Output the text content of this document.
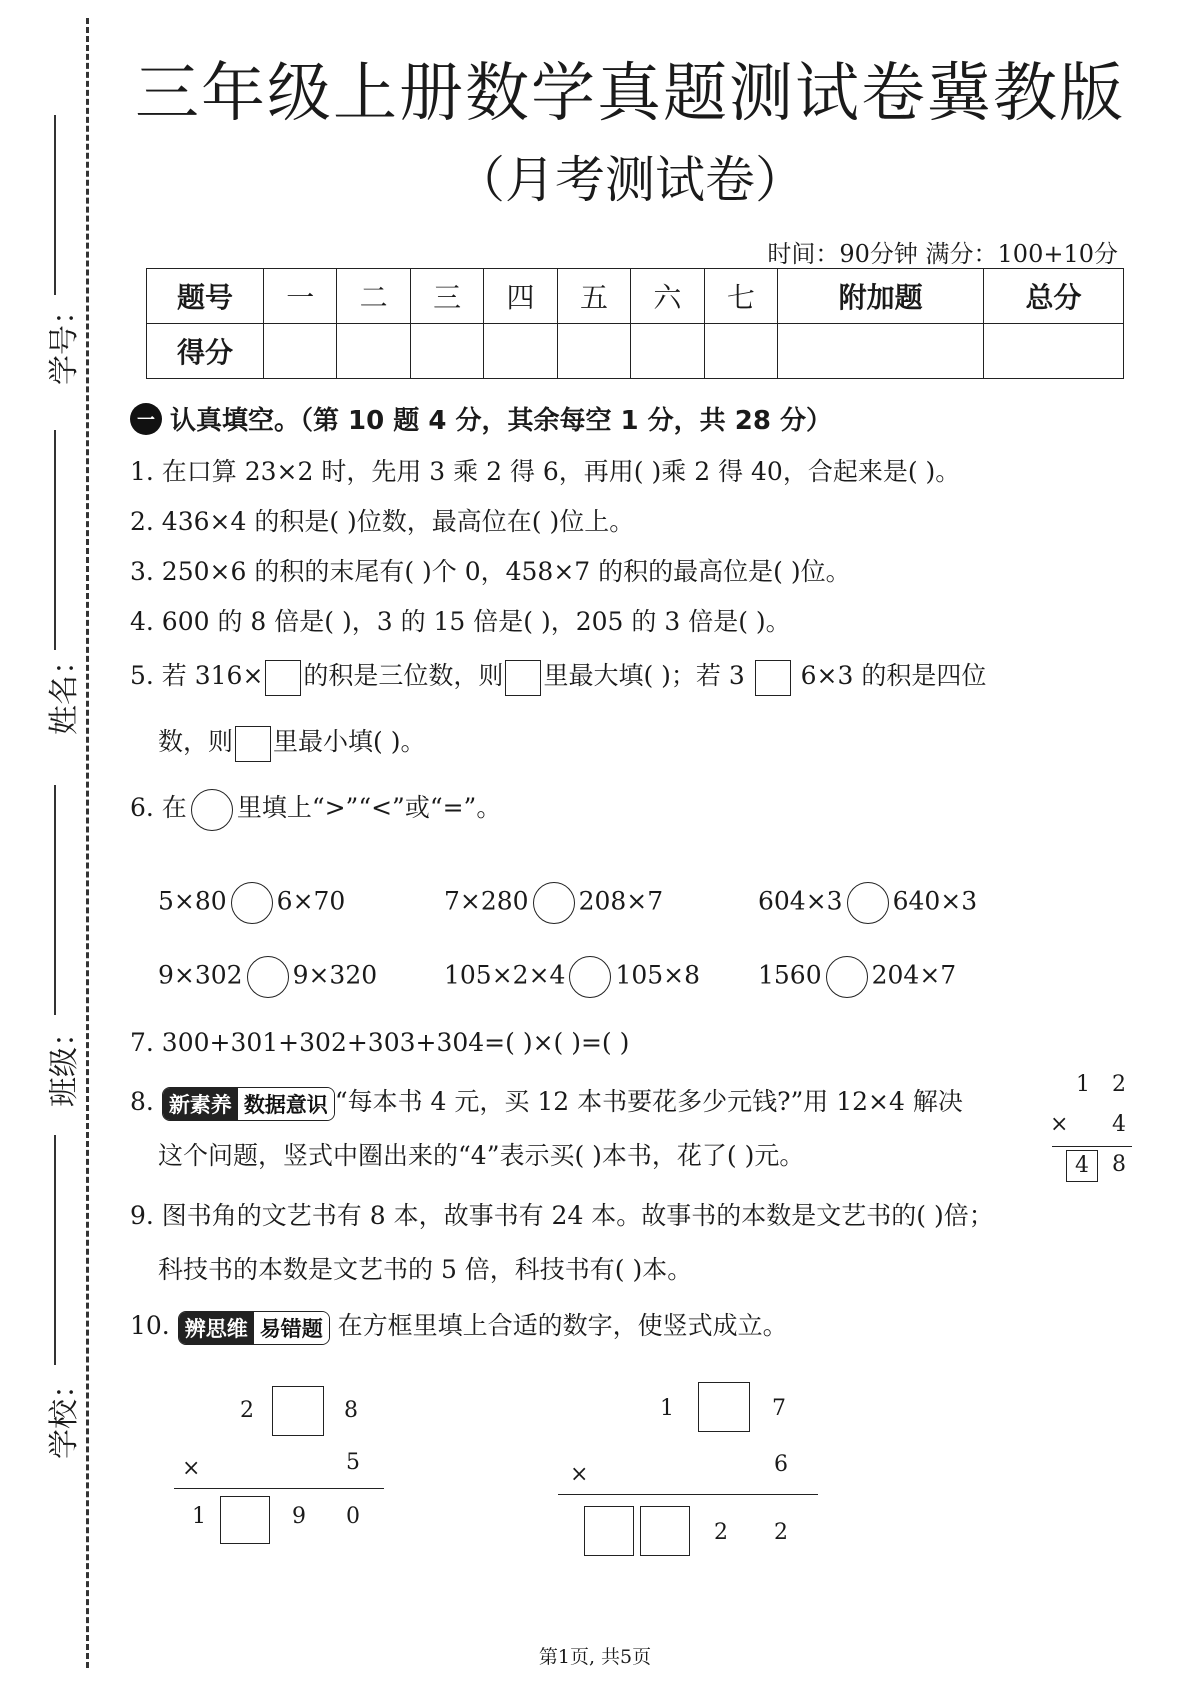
学号：
姓名：
班级：
学校：
三年级上册数学真题测试卷冀教版
（月考测试卷）
时间：90分钟 满分：100+10分
题号	一	二	三	四	五	六	七	附加题	总分
得分									
一 认真填空。（第 10 题 4 分，其余每空 1 分，共 28 分）
1. 在口算 23×2 时，先用 3 乘 2 得 6，再用( )乘 2 得 40，合起来是( )。
2. 436×4 的积是( )位数，最高位在( )位上。
3. 250×6 的积的末尾有( )个 0，458×7 的积的最高位是( )位。
4. 600 的 8 倍是( )，3 的 15 倍是( )，205 的 3 倍是( )。
5. 若 316× 的积是三位数，则 里最大填( )；若 3 6×3 的积是四位
数，则 里最小填( )。
6. 在 里填上“>”“<”或“=”。
5×80 6×70	7×280 208×7	604×3 640×3
9×302 9×320	105×2×4 105×8 1560 204×7
7. 300+301+302+303+304=( )×( )=( )
8. 新素养 数据意识 “每本书 4 元，买 12 本书要花多少元钱?”用 12×4 解决
这个问题，竖式中圈出来的“4”表示买( )本书，花了( )元。
1 2
× 4
4	8
9. 图书角的文艺书有 8 本，故事书有 24 本。故事书的本数是文艺书的( )倍；
科技书的本数是文艺书的 5 倍，科技书有( )本。
10. 辨思维 易错题 在方框里填上合适的数字，使竖式成立。
2	8
×	5
1	9 0
1	7
×	6
2 2
第1页, 共5页
